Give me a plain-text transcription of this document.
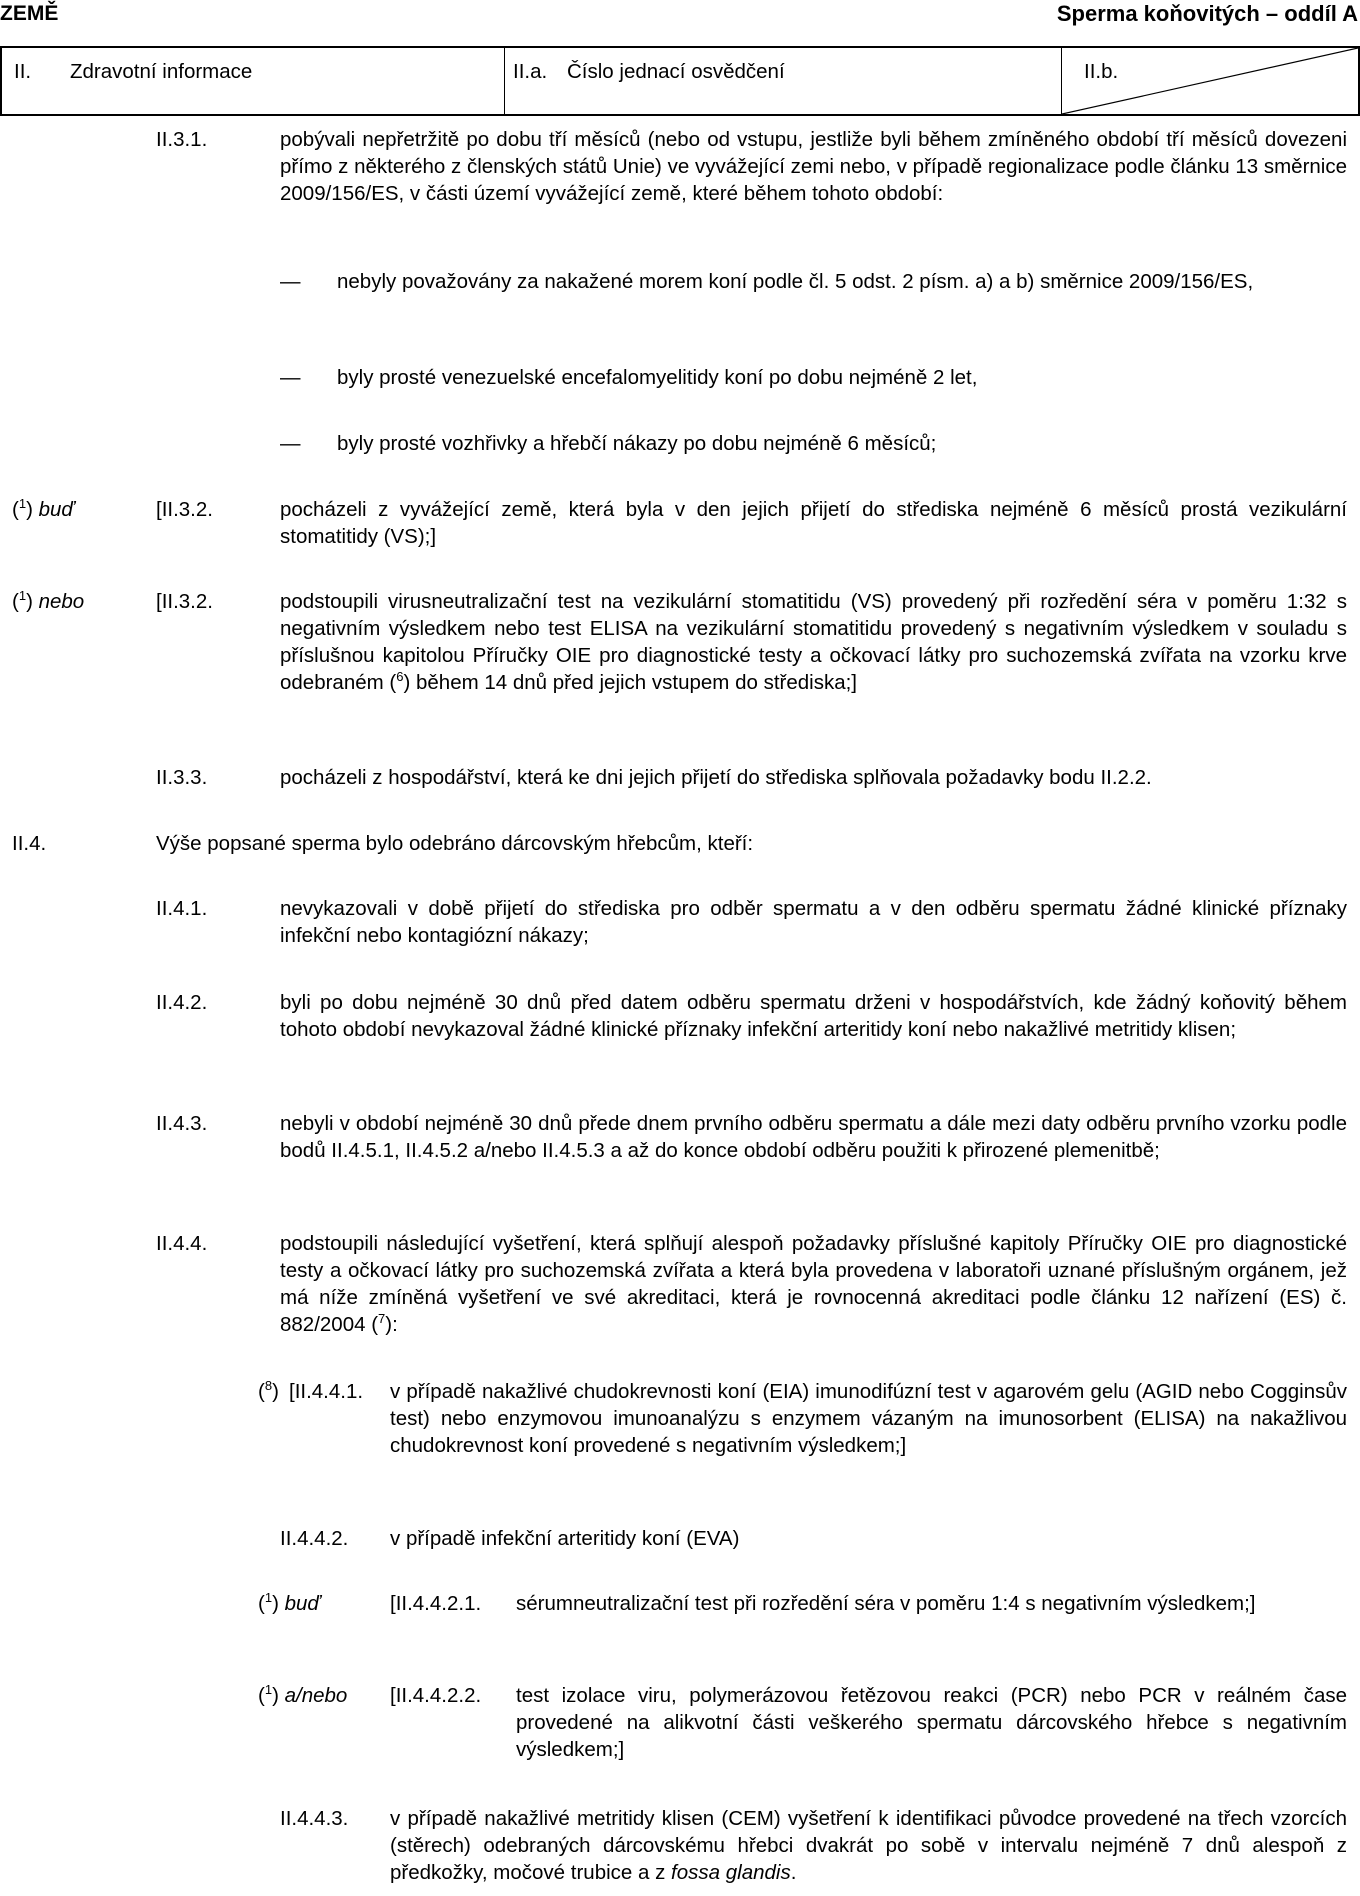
ZEMĚ	Sperma koňovitých – oddíl A
II. Zdravotní informace	II.a. Číslo jednací osvědčení	II.b.
II.3.1.	pobývali nepřetržitě po dobu tří měsíců (nebo od vstupu, jestliže byli během zmíněného období tří měsíců dovezeni přímo z některého z členských států Unie) ve vyvážející zemi nebo, v případě regionalizace podle článku 13 směrnice 2009/156/ES, v části území vyvážející země, které během tohoto období:
— nebyly považovány za nakažené morem koní podle čl. 5 odst. 2 písm. a) a b) směrnice 2009/156/ES,
— byly prosté venezuelské encefalomyelitidy koní po dobu nejméně 2 let,
— byly prosté vozhřivky a hřebčí nákazy po dobu nejméně 6 měsíců;
($^1$) buď	[II.3.2.	pocházeli z vyvážející země, která byla v den jejich přijetí do střediska nejméně 6 měsíců prostá vezikulární stomatitidy (VS);]
($^1$) nebo	[II.3.2.	podstoupili virusneutralizační test na vezikulární stomatitidu (VS) provedený při rozředění séra v poměru 1:32 s negativním výsledkem nebo test ELISA na vezikulární stomatitidu provedený s negativním výsledkem v souladu s příslušnou kapitolou Příručky OIE pro diagnostické testy a očkovací látky pro suchozemská zvířata na vzorku krve odebraném ($^6$) během 14 dnů před jejich vstupem do střediska;]
II.3.3.	pocházeli z hospodářství, která ke dni jejich přijetí do střediska splňovala požadavky bodu II.2.2.
II.4.	Výše popsané sperma bylo odebráno dárcovským hřebcům, kteří:
II.4.1.	nevykazovali v době přijetí do střediska pro odběr spermatu a v den odběru spermatu žádné klinické příznaky infekční nebo kontagiózní nákazy;
II.4.2.	byli po dobu nejméně 30 dnů před datem odběru spermatu drženi v hospodářstvích, kde žádný koňovitý během tohoto období nevykazoval žádné klinické příznaky infekční arteritidy koní nebo nakažlivé metritidy klisen;
II.4.3.	nebyli v období nejméně 30 dnů přede dnem prvního odběru spermatu a dále mezi daty odběru prvního vzorku podle bodů II.4.5.1, II.4.5.2 a/nebo II.4.5.3 a až do konce období odběru použiti k přirozené plemenitbě;
II.4.4.	podstoupili následující vyšetření, která splňují alespoň požadavky příslušné kapitoly Příručky OIE pro diagnostické testy a očkovací látky pro suchozemská zvířata a která byla provedena v laboratoři uznané příslušným orgánem, jež má níže zmíněná vyšetření ve své akreditaci, která je rovnocenná akreditaci podle článku 12 nařízení (ES) č. 882/2004 ($^7$):
($^8$) [II.4.4.1. v případě nakažlivé chudokrevnosti koní (EIA) imunodifúzní test v agarovém gelu (AGID nebo Cogginsův test) nebo enzymovou imunoanalýzu s enzymem vázaným na imunosorbent (ELISA) na nakažlivou chudokrevnost koní provedené s negativním výsledkem;]
II.4.4.2. v případě infekční arteritidy koní (EVA)
($^1$) buď	[II.4.4.2.1. sérumneutralizační test při rozředění séra v poměru 1:4 s negativním výsledkem;]
($^1$) a/nebo [II.4.4.2.2. test izolace viru, polymerázovou řetězovou reakci (PCR) nebo PCR v reálném čase provedené na alikvotní části veškerého spermatu dárcovského hřebce s negativním výsledkem;]
II.4.4.3. v případě nakažlivé metritidy klisen (CEM) vyšetření k identifikaci původce provedené na třech vzorcích (stěrech) odebraných dárcovskému hřebci dvakrát po sobě v intervalu nejméně 7 dnů alespoň z předkožky, močové trubice a z fossa glandis.
